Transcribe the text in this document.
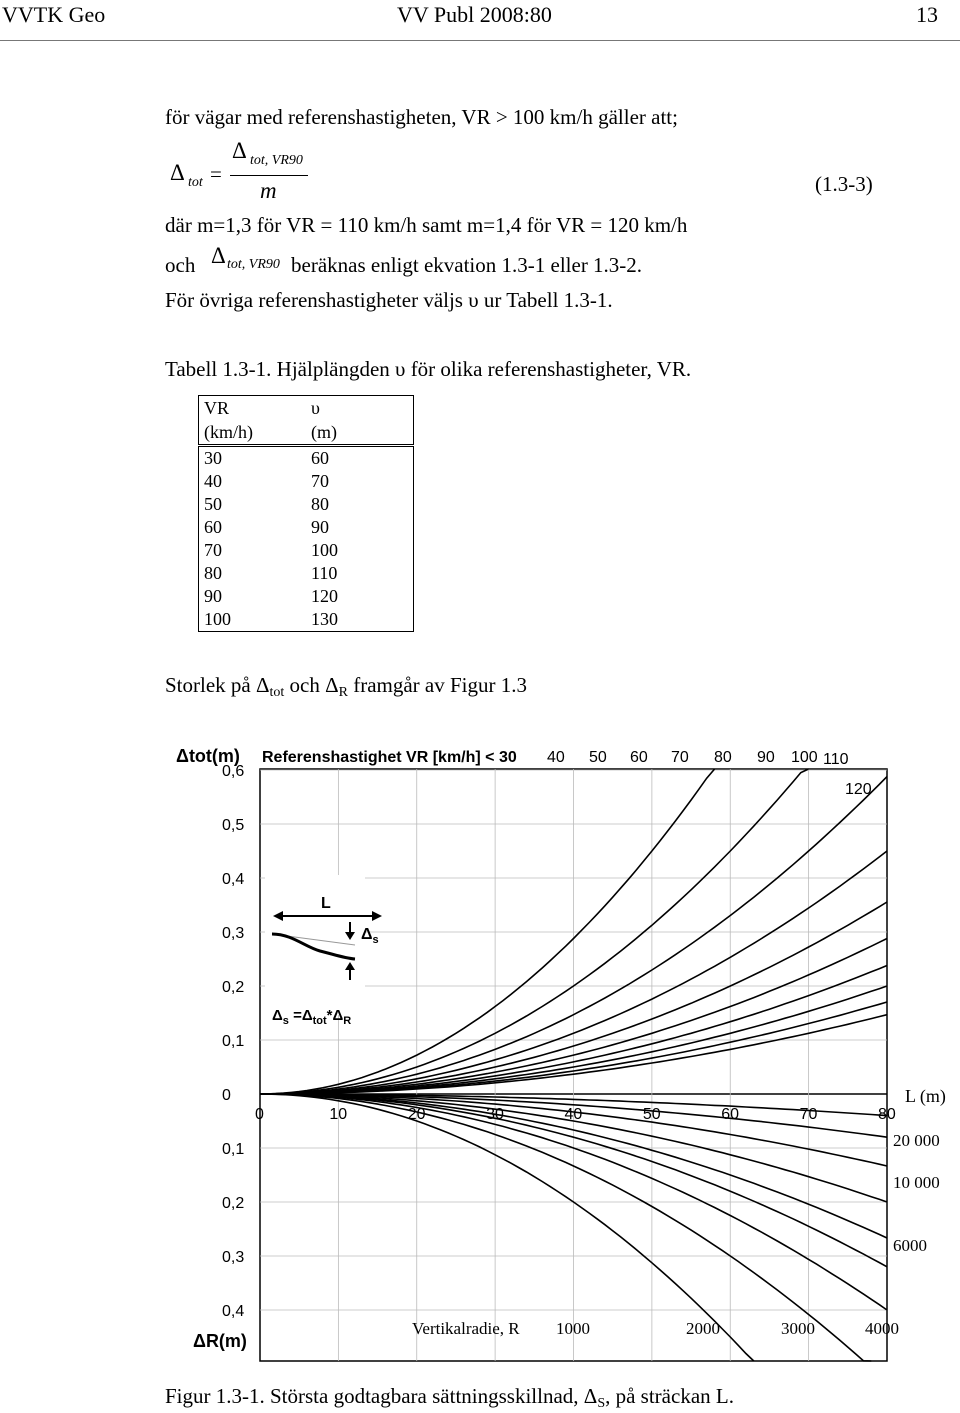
VVTK Geo	VV Publ 2008:80	13
för vägar med referenshastigheten, VR > 100 km/h gäller att;
Δ tot =
Δ tot, VR90
m	(1.3-3)
där m=1,3 för VR = 110 km/h samt m=1,4 för VR = 120 km/h
och Δ tot, VR90 beräknas enligt ekvation 1.3-1 eller 1.3-2.
För övriga referenshastigheter väljs υ ur Tabell 1.3-1.
Tabell 1.3-1. Hjälplängden υ för olika referenshastigheter, VR.
VR	υ
(km/h)	(m)
30	60
40	70
50	80
60	90
70	100
80	110
90	120
100	130
Storlek på $\Delta_{tot}$ och $\Delta_R$ framgår av Figur 1.3
Δtot(m) Referenshastighet VR [km/h] < 30
0,6
0,5
0,4
0,3
0,2
0,1
0
40 50 60 70 80 90 100 110
120
0	10	20	30	40	50	60	70	80
0,1
0,2
0,3
0,4
1000	2000	3000	4000
20 000
10 000
6000
L
$\Delta_s$
$\Delta_s =\Delta_{tot}*\Delta_R$
L (m)
ΔR(m)
Vertikalradie, R
Figur 1.3-1. Största godtagbara sättningsskillnad, $\Delta_S$, på sträckan L.
